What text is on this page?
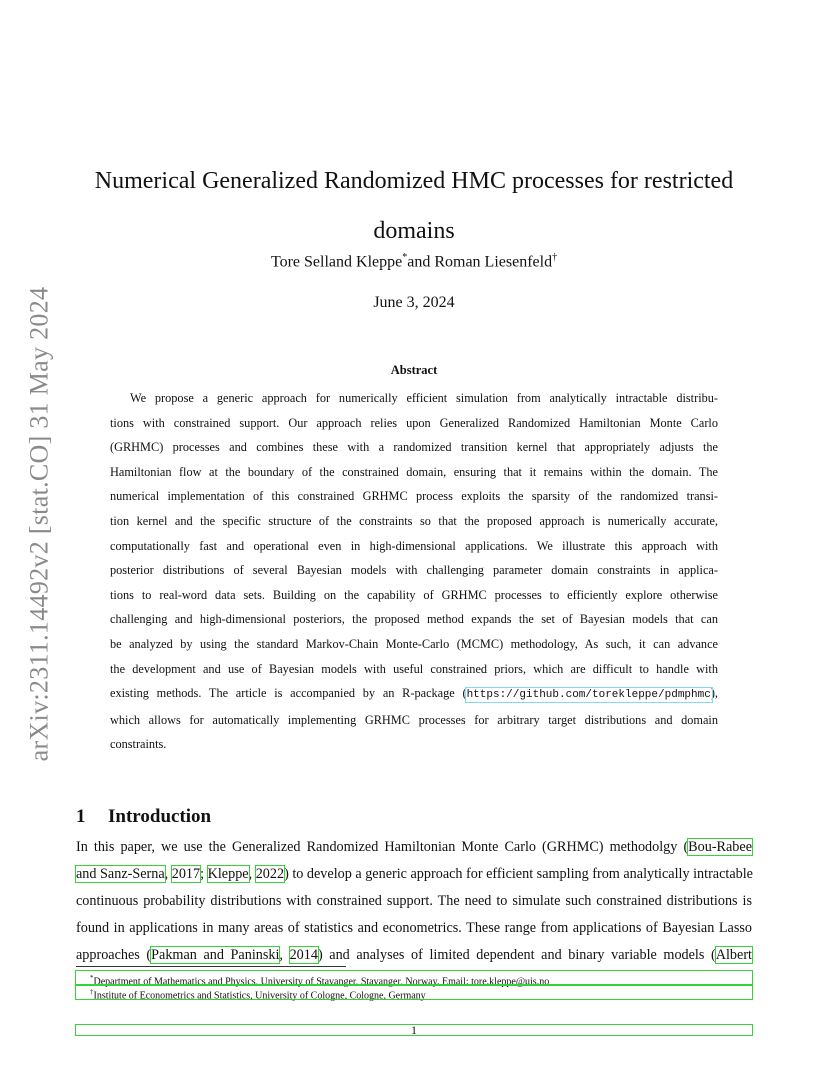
arXiv:2311.14492v2 [stat.CO] 31 May 2024
Numerical Generalized Randomized HMC processes for restricted
domains
Tore Selland Kleppe*and Roman Liesenfeld†
June 3, 2024
Abstract
We propose a generic approach for numerically efficient simulation from analytically intractable distribu-
tions with constrained support. Our approach relies upon Generalized Randomized Hamiltonian Monte Carlo
(GRHMC) processes and combines these with a randomized transition kernel that appropriately adjusts the
Hamiltonian flow at the boundary of the constrained domain, ensuring that it remains within the domain. The
numerical implementation of this constrained GRHMC process exploits the sparsity of the randomized transi-
tion kernel and the specific structure of the constraints so that the proposed approach is numerically accurate,
computationally fast and operational even in high-dimensional applications. We illustrate this approach with
posterior distributions of several Bayesian models with challenging parameter domain constraints in applica-
tions to real-word data sets. Building on the capability of GRHMC processes to efficiently explore otherwise
challenging and high-dimensional posteriors, the proposed method expands the set of Bayesian models that can
be analyzed by using the standard Markov-Chain Monte-Carlo (MCMC) methodology, As such, it can advance
the development and use of Bayesian models with useful constrained priors, which are difficult to handle with
existing methods. The article is accompanied by an R-package (https://github.com/torekleppe/pdmphmc),
which allows for automatically implementing GRHMC processes for arbitrary target distributions and domain
constraints.
1 Introduction
In this paper, we use the Generalized Randomized Hamiltonian Monte Carlo (GRHMC) methodolgy (Bou-Rabee
and Sanz-Serna, 2017; Kleppe, 2022) to develop a generic approach for efficient sampling from analytically intractable
continuous probability distributions with constrained support. The need to simulate such constrained distributions is
found in applications in many areas of statistics and econometrics. These range from applications of Bayesian Lasso
approaches (Pakman and Paninski, 2014) and analyses of limited dependent and binary variable models (Albert
*Department of Mathematics and Physics, University of Stavanger, Stavanger, Norway. Email: tore.kleppe@uis.no
†Institute of Econometrics and Statistics, University of Cologne, Cologne, Germany
1
